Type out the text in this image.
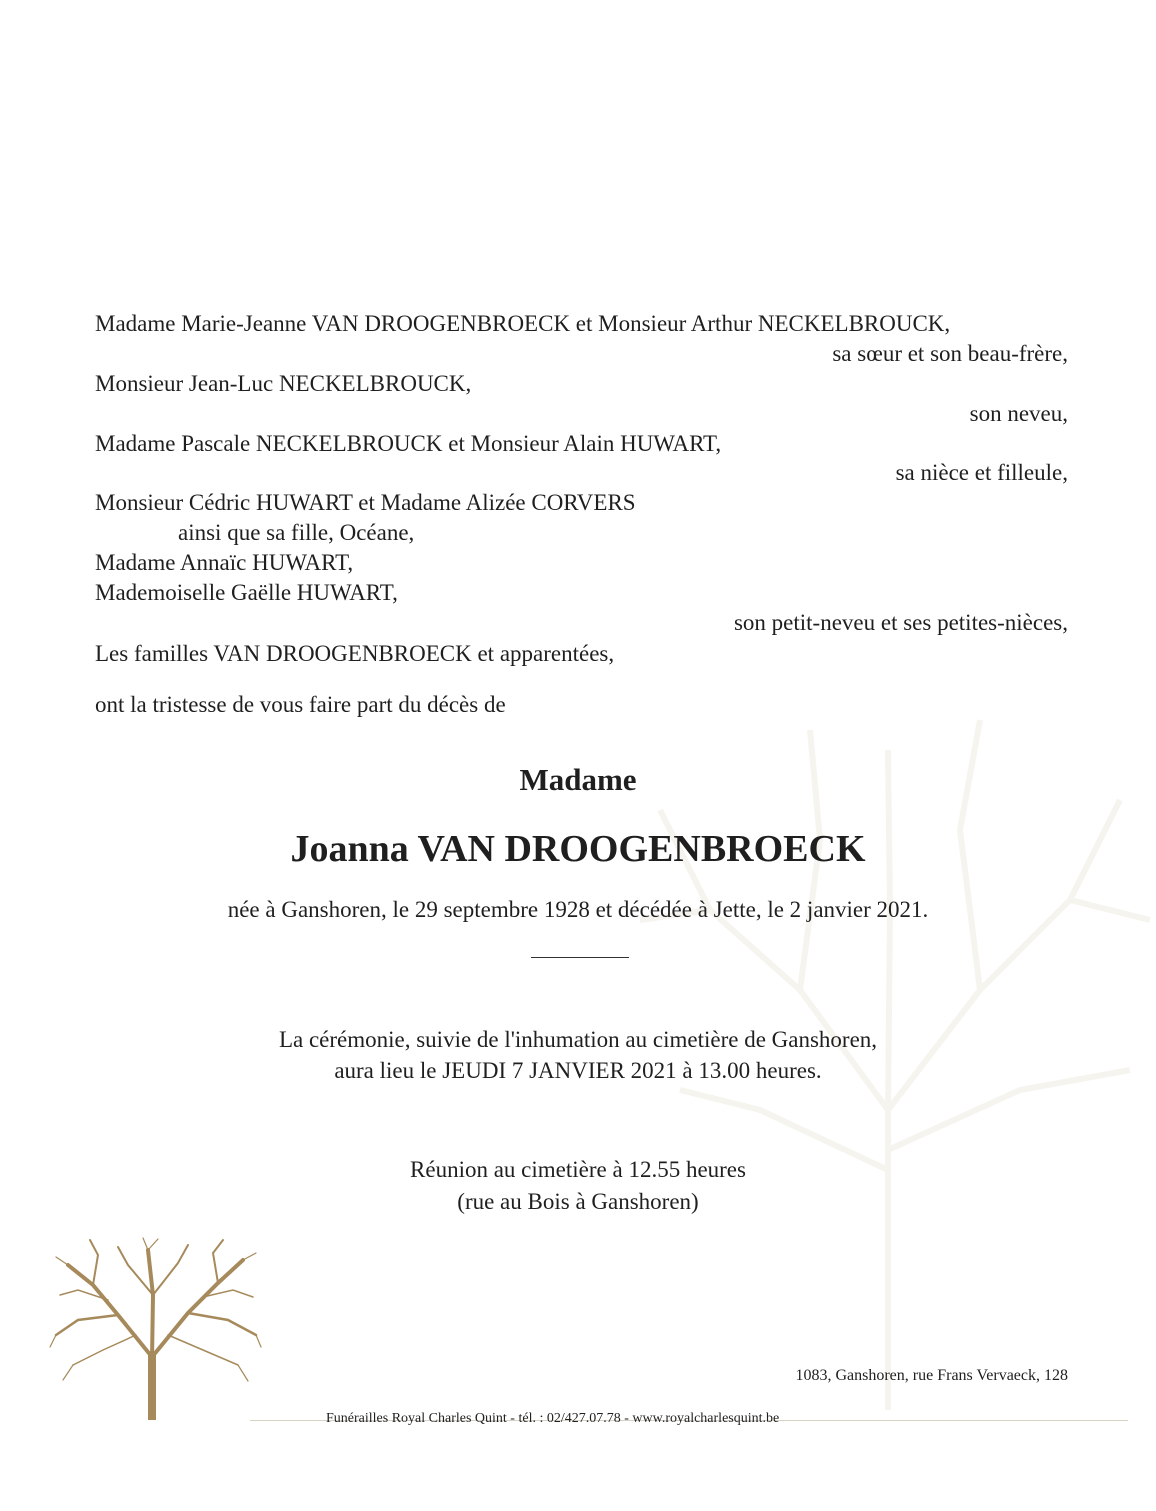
Madame Marie-Jeanne VAN DROOGENBROECK et Monsieur Arthur NECKELBROUCK,
sa sœur et son beau-frère,
Monsieur Jean-Luc NECKELBROUCK,
son neveu,
Madame Pascale NECKELBROUCK et Monsieur Alain HUWART,
sa nièce et filleule,
Monsieur Cédric HUWART et Madame Alizée CORVERS
ainsi que sa fille, Océane,
Madame Annaïc HUWART,
Mademoiselle Gaëlle HUWART,
son petit-neveu et ses petites-nièces,
Les familles VAN DROOGENBROECK et apparentées,
ont la tristesse de vous faire part du décès de
Madame
Joanna VAN DROOGENBROECK
née à Ganshoren, le 29 septembre 1928 et décédée à Jette, le 2 janvier 2021.
La cérémonie, suivie de l'inhumation au cimetière de Ganshoren,
aura lieu le JEUDI 7 JANVIER 2021 à 13.00 heures.
Réunion au cimetière à 12.55 heures
(rue au Bois à Ganshoren)
1083, Ganshoren, rue Frans Vervaeck, 128
Funérailles Royal Charles Quint - tél. : 02/427.07.78 - www.royalcharlesquint.be
